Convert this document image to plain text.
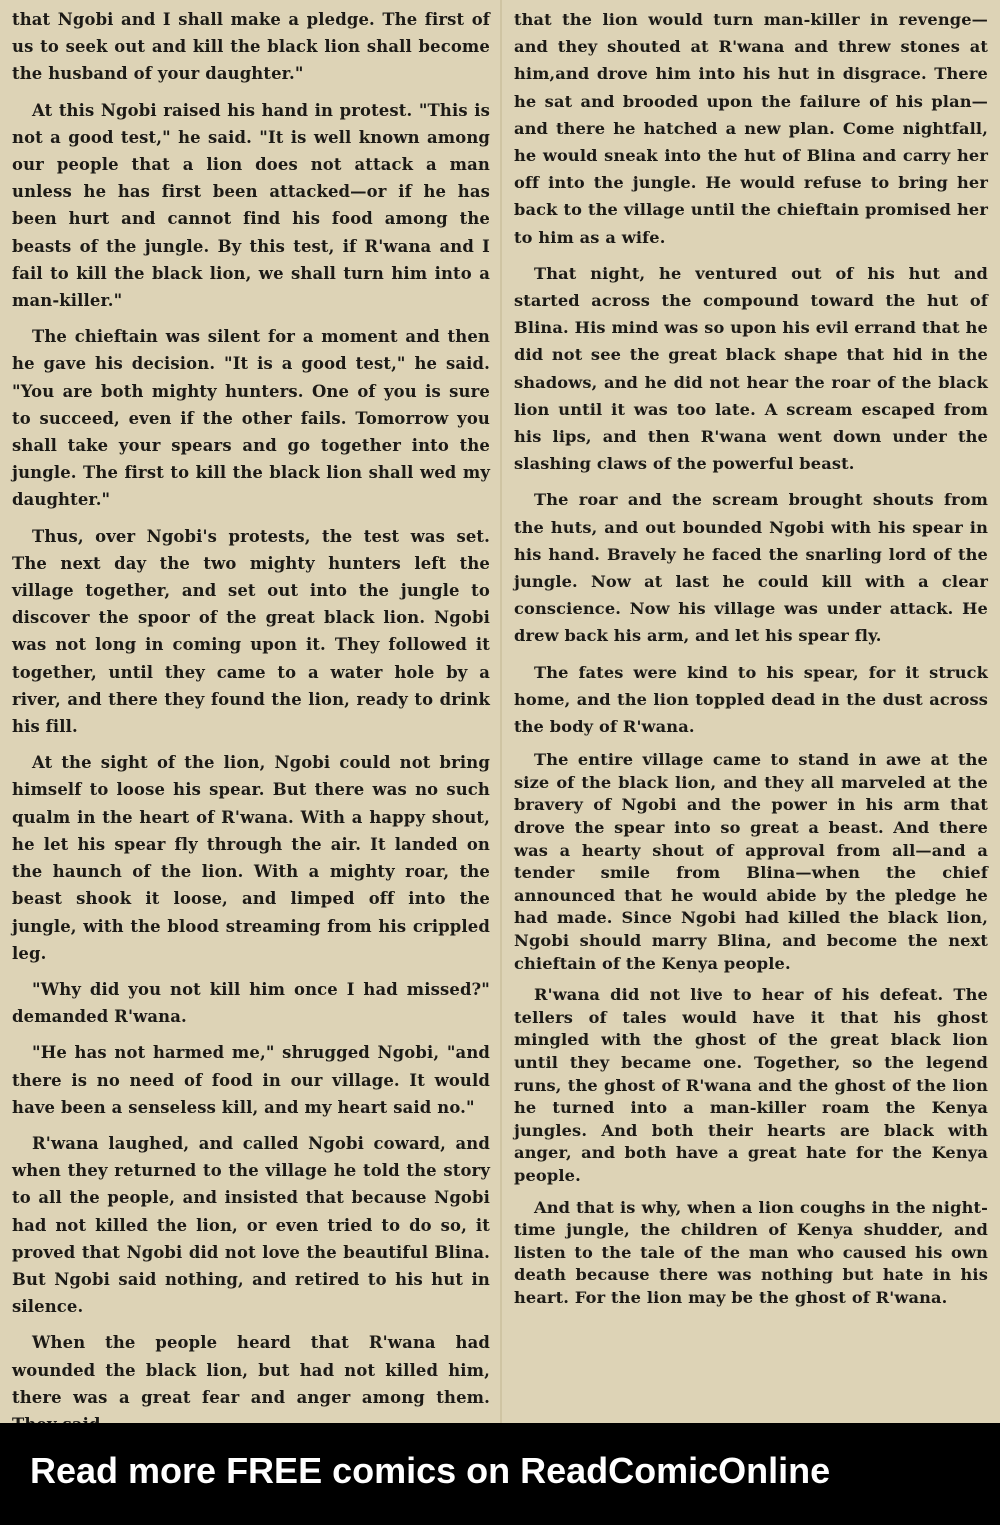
that Ngobi and I shall make a pledge. The first of us to seek out and kill the black lion shall become the husband of your daughter."

At this Ngobi raised his hand in protest. "This is not a good test," he said. "It is well known among our people that a lion does not attack a man unless he has first been attacked—or if he has been hurt and cannot find his food among the beasts of the jungle. By this test, if R'wana and I fail to kill the black lion, we shall turn him into a man-killer."

The chieftain was silent for a moment and then he gave his decision. "It is a good test," he said. "You are both mighty hunters. One of you is sure to succeed, even if the other fails. Tomorrow you shall take your spears and go together into the jungle. The first to kill the black lion shall wed my daughter."

Thus, over Ngobi's protests, the test was set. The next day the two mighty hunters left the village together, and set out into the jungle to discover the spoor of the great black lion. Ngobi was not long in coming upon it. They followed it together, until they came to a water hole by a river, and there they found the lion, ready to drink his fill.

At the sight of the lion, Ngobi could not bring himself to loose his spear. But there was no such qualm in the heart of R'wana. With a happy shout, he let his spear fly through the air. It landed on the haunch of the lion. With a mighty roar, the beast shook it loose, and limped off into the jungle, with the blood streaming from his crippled leg.

"Why did you not kill him once I had missed?" demanded R'wana.

"He has not harmed me," shrugged Ngobi, "and there is no need of food in our village. It would have been a senseless kill, and my heart said no."

R'wana laughed, and called Ngobi coward, and when they returned to the village he told the story to all the people, and insisted that because Ngobi had not killed the lion, or even tried to do so, it proved that Ngobi did not love the beautiful Blina. But Ngobi said nothing, and retired to his hut in silence.

When the people heard that R'wana had wounded the black lion, but had not killed him, there was a great fear and anger among them.

that the lion would turn man-killer in revenge—and they shouted at R'wana and threw stones at him,and drove him into his hut in disgrace. There he sat and brooded upon the failure of his plan—and there he hatched a new plan. Come nightfall, he would sneak into the hut of Blina and carry her off into the jungle. He would refuse to bring her back to the village until the chieftain promised her to him as a wife.

That night, he ventured out of his hut and started across the compound toward the hut of Blina. His mind was so upon his evil errand that he did not see the great black shape that hid in the shadows, and he did not hear the roar of the black lion until it was too late. A scream escaped from his lips, and then R'wana went down under the slashing claws of the powerful beast.

The roar and the scream brought shouts from the huts, and out bounded Ngobi with his spear in his hand. Bravely he faced the snarling lord of the jungle. Now at last he could kill with a clear conscience. Now his village was under attack. He drew back his arm, and let his spear fly.

The fates were kind to his spear, for it struck home, and the lion toppled dead in the dust across the body of R'wana.

The entire village came to stand in awe at the size of the black lion, and they all marveled at the bravery of Ngobi and the power in his arm that drove the spear into so great a beast. And there was a hearty shout of approval from all—and a tender smile from Blina—when the chief announced that he would abide by the pledge he had made. Since Ngobi had killed the black lion, Ngobi should marry Blina, and become the next chieftain of the Kenya people.

R'wana did not live to hear of his defeat. The tellers of tales would have it that his ghost mingled with the ghost of the great black lion until they became one. Together, so the legend runs, the ghost of R'wana and the ghost of the lion he turned into a man-killer roam the Kenya jungles. And both their hearts are black with anger, and both have a great hate for the Kenya people.

And that is why, when a lion coughs in the night-time jungle, the children of Kenya shudder, and listen to the tale of the man who caused his own death because there was nothing but hate in his heart. For the lion may be the ghost of R'wana.

Read more FREE comics on ReadComicOnline
